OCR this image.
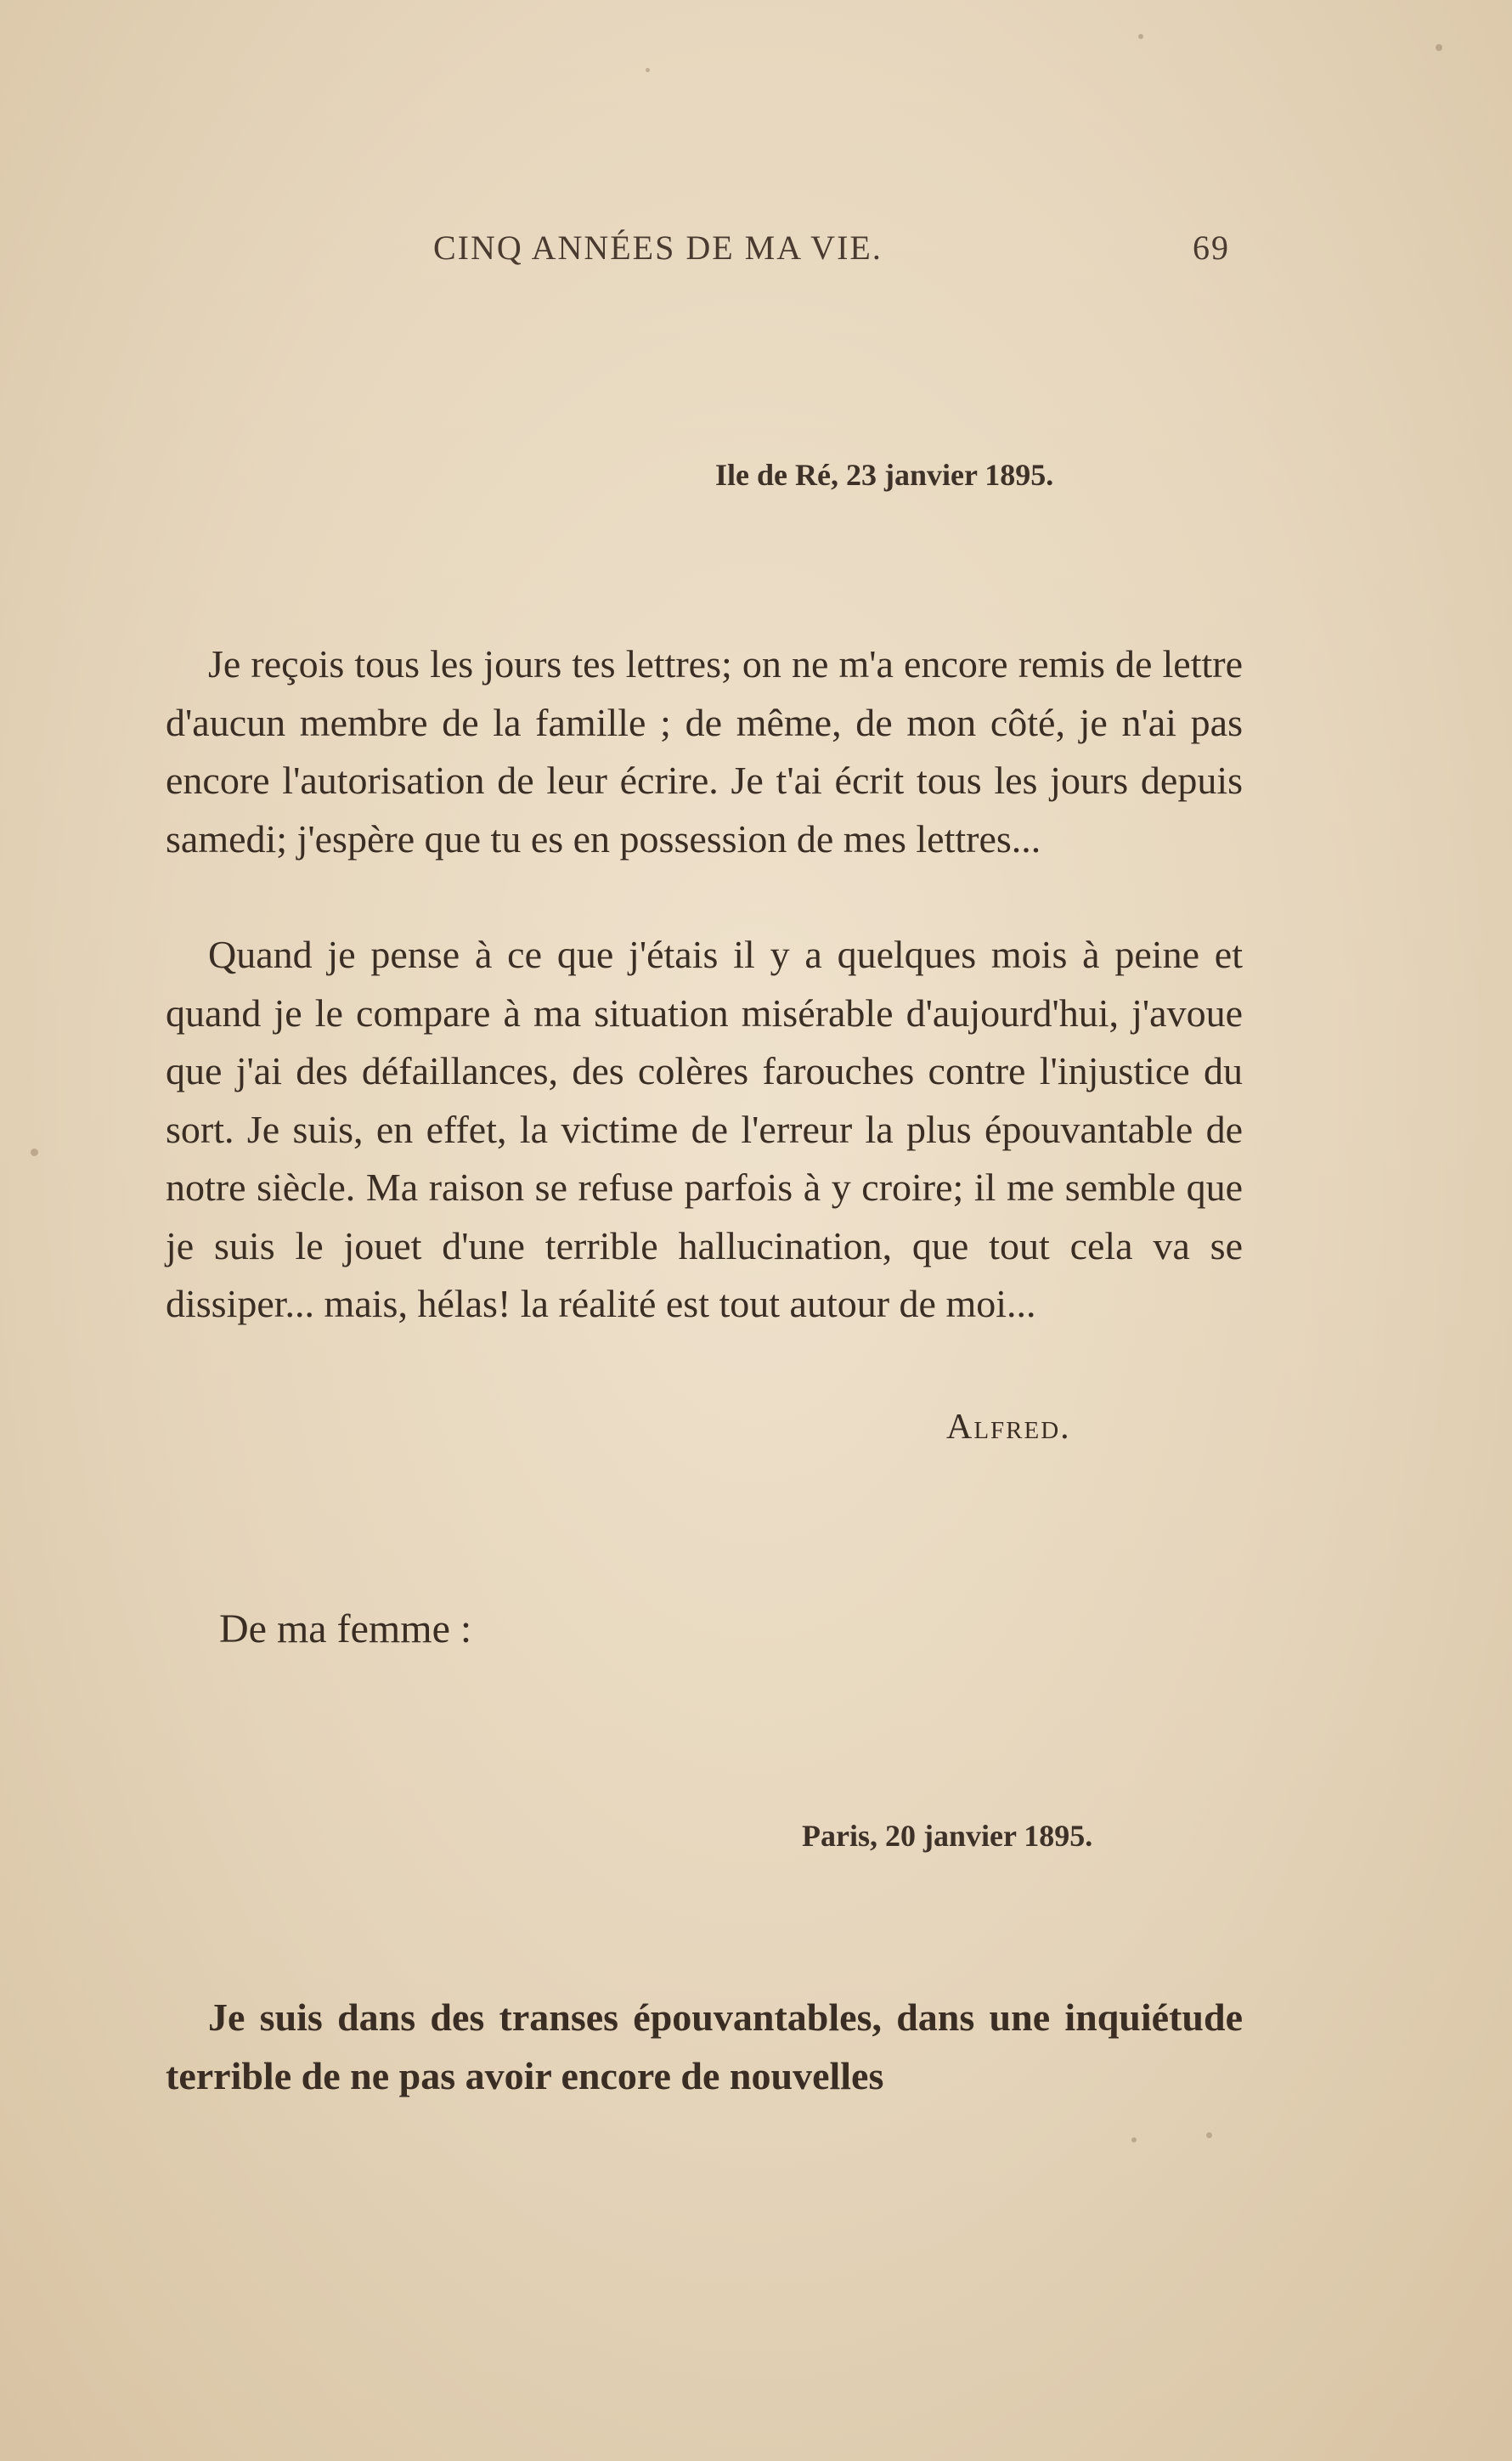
CINQ ANNÉES DE MA VIE.	69
Ile de Ré, 23 janvier 1895.

Je reçois tous les jours tes lettres; on ne m'a encore remis de lettre d'aucun membre de la famille ; de même, de mon côté, je n'ai pas encore l'autorisation de leur écrire. Je t'ai écrit tous les jours depuis samedi; j'espère que tu es en possession de mes lettres...

Quand je pense à ce que j'étais il y a quelques mois à peine et quand je le compare à ma situation misérable d'aujourd'hui, j'avoue que j'ai des défaillances, des colères farouches contre l'injustice du sort. Je suis, en effet, la victime de l'erreur la plus épouvantable de notre siècle. Ma raison se refuse parfois à y croire; il me semble que je suis le jouet d'une terrible hallucination, que tout cela va se dissiper... mais, hélas! la réalité est tout autour de moi...

Alfred.
De ma femme :
Paris, 20 janvier 1895.

Je suis dans des transes épouvantables, dans une inquiétude terrible de ne pas avoir encore de nouvelles
